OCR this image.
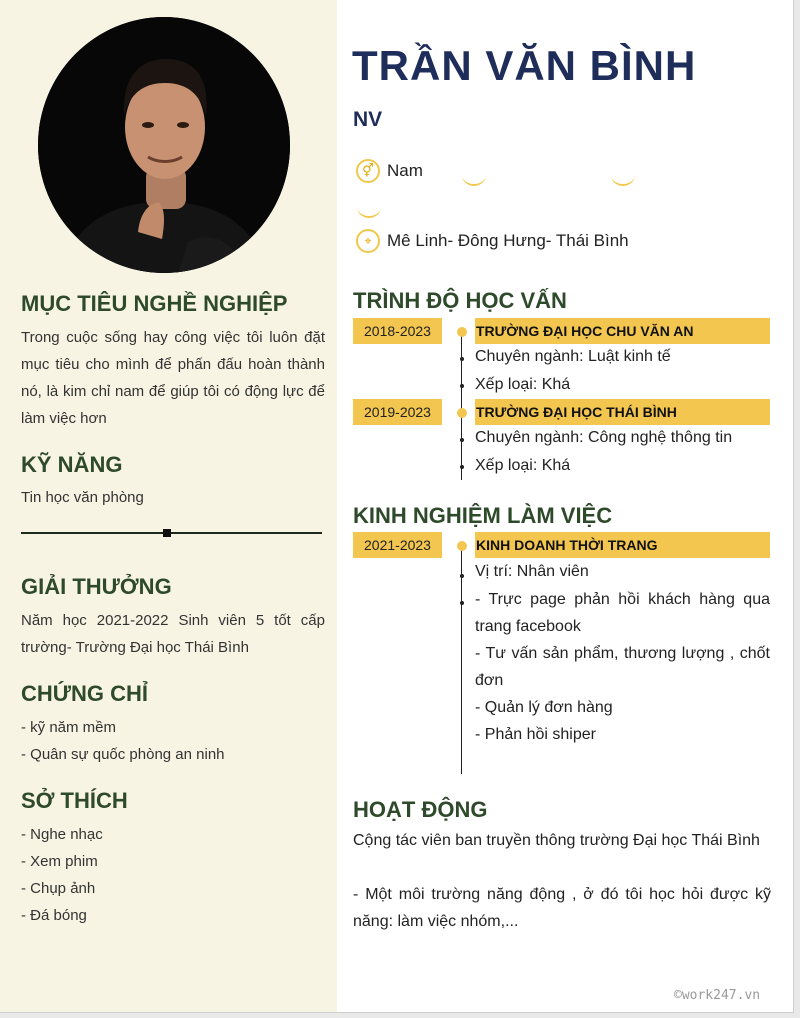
MỤC TIÊU NGHỀ NGHIỆP

Trong cuộc sống hay công việc tôi luôn đặt mục tiêu cho mình để phấn đấu hoàn thành nó, là kim chỉ nam để giúp tôi có động lực để làm việc hơn

KỸ NĂNG

Tin học văn phòng

GIẢI THƯỞNG

Năm học 2021-2022 Sinh viên 5 tốt cấp trường- Trường Đại học Thái Bình

CHỨNG CHỈ

- kỹ năm mềm

- Quân sự quốc phòng an ninh

SỞ THÍCH

- Nghe nhạc

- Xem phim

- Chụp ảnh

- Đá bóng

TRẦN VĂN BÌNH
NV
⚥ Nam
⌖ Mê Linh- Đông Hưng- Thái Bình
TRÌNH ĐỘ HỌC VẤN
2018-2023	TRƯỜNG ĐẠI HỌC CHU VĂN AN

Chuyên ngành: Luật kinh tế

Xếp loại: Khá

2019-2023	TRƯỜNG ĐẠI HỌC THÁI BÌNH

Chuyên ngành: Công nghệ thông tin

Xếp loại: Khá

KINH NGHIỆM LÀM VIỆC
2021-2023	KINH DOANH THỜI TRANG

Vị trí: Nhân viên

- Trực page phản hồi khách hàng qua trang facebook

- Tư vấn sản phẩm, thương lượng , chốt đơn

- Quản lý đơn hàng

- Phản hồi shiper

HOẠT ĐỘNG

Cộng tác viên ban truyền thông trường Đại học Thái Bình

- Một môi trường năng động , ở đó tôi học hỏi được kỹ năng: làm việc nhóm,...

©work247.vn
